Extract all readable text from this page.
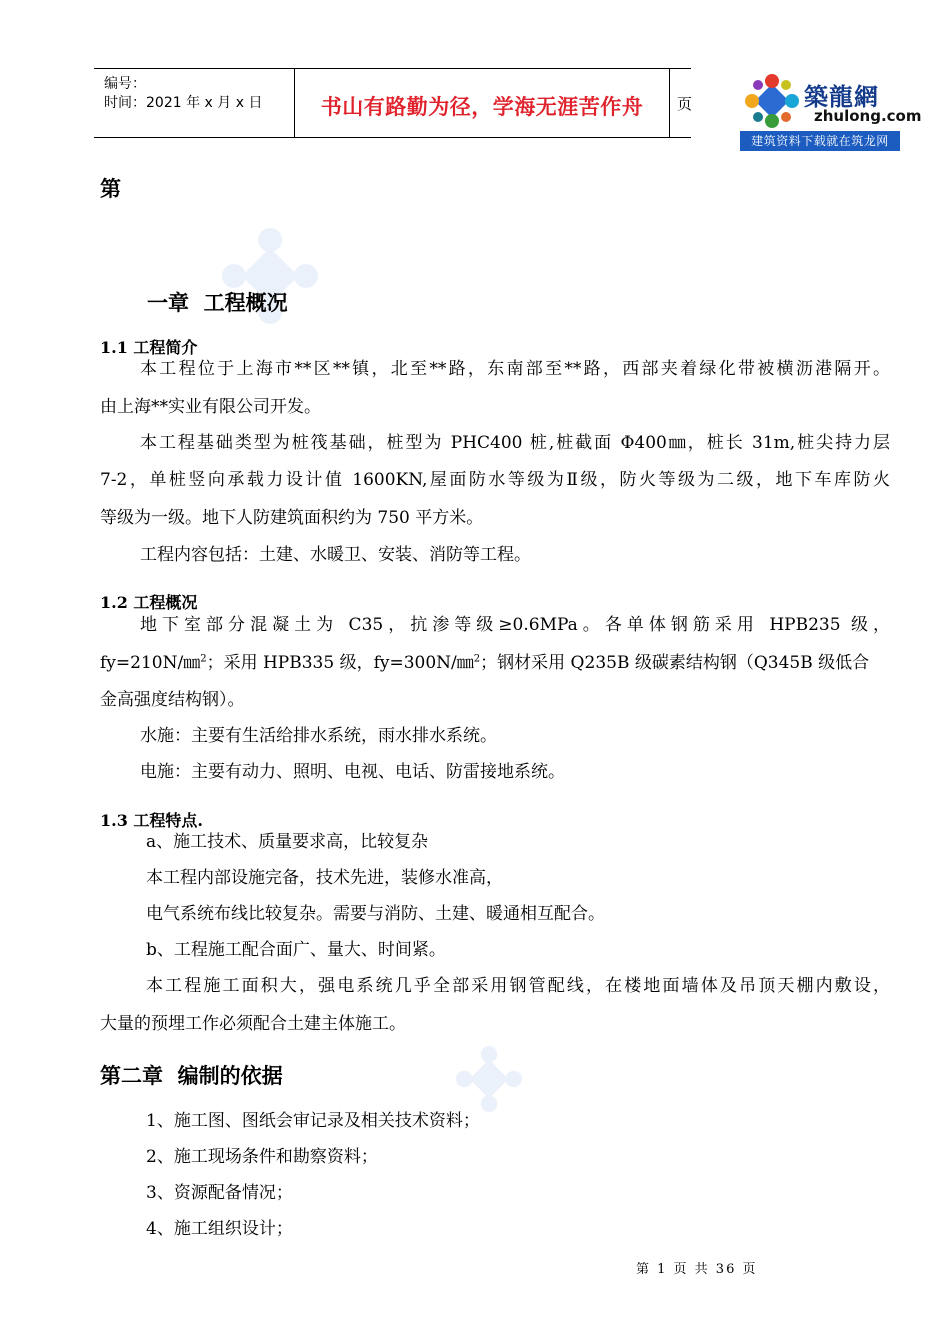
编号：
时间：2021 年 x 月 x 日	书山有路勤为径，学海无涯苦作舟	页	築龍網
zhulong.com
建筑资料下载就在筑龙网
第
一章  工程概况
1.1 工程简介
本工程位于上海市**区**镇，北至**路，东南部至**路，西部夹着绿化带被横沥港隔开。
由上海**实业有限公司开发。
本工程基础类型为桩筏基础，桩型为 PHC400 桩,桩截面 Φ400㎜，桩长 31m,桩尖持力层
7-2，单桩竖向承载力设计值 1600KN,屋面防水等级为Ⅱ级，防火等级为二级，地下车库防火
等级为一级。地下人防建筑面积约为 750 平方米。
工程内容包括：土建、水暖卫、安装、消防等工程。
1.2 工程概况
地下室部分混凝土为 C35，抗渗等级≥0.6MPa。各单体钢筋采用 HPB235 级，
fy=210N/㎜$^2$；采用 HPB335 级，fy=300N/㎜$^2$；钢材采用 Q235B 级碳素结构钢（Q345B 级低合
金高强度结构钢）。
水施：主要有生活给排水系统，雨水排水系统。
电施：主要有动力、照明、电视、电话、防雷接地系统。
1.3 工程特点.
a、施工技术、质量要求高，比较复杂
本工程内部设施完备，技术先进，装修水准高，
电气系统布线比较复杂。需要与消防、土建、暖通相互配合。
b、工程施工配合面广、量大、时间紧。
本工程施工面积大，强电系统几乎全部采用钢管配线，在楼地面墙体及吊顶天棚内敷设，
大量的预埋工作必须配合土建主体施工。
第二章  编制的依据
1、施工图、图纸会审记录及相关技术资料；
2、施工现场条件和勘察资料；
3、资源配备情况；
4、施工组织设计；
第 1 页 共 36 页
